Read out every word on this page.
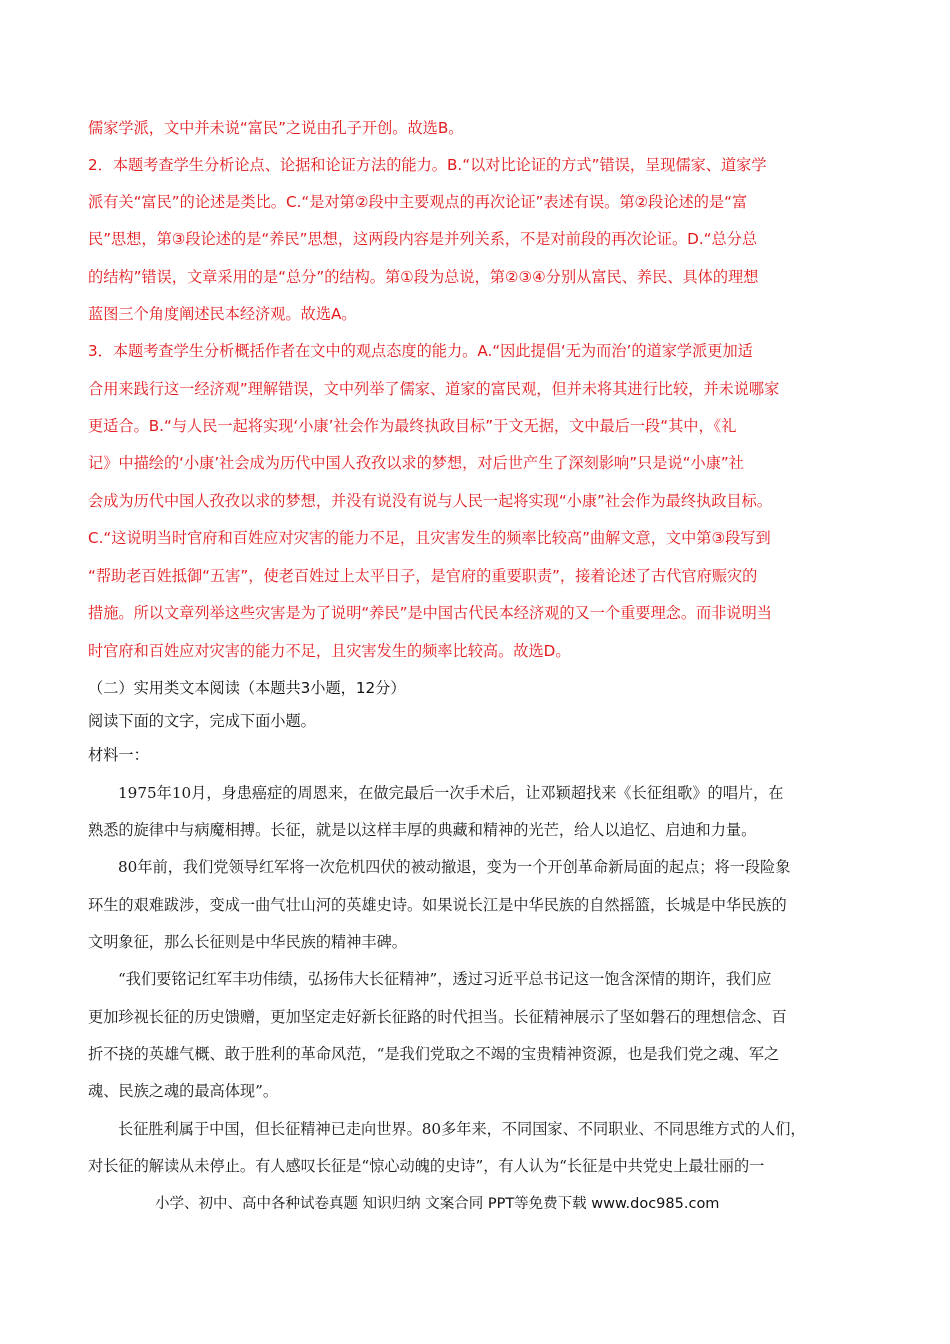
儒家学派，文中并未说“富民”之说由孔子开创。故选B。
2．本题考查学生分析论点、论据和论证方法的能力。B.“以对比论证的方式”错误，呈现儒家、道家学
派有关“富民”的论述是类比。C.“是对第②段中主要观点的再次论证”表述有误。第②段论述的是“富
民”思想，第③段论述的是“养民”思想，这两段内容是并列关系，不是对前段的再次论证。D.“总分总
的结构”错误，文章采用的是“总分”的结构。第①段为总说，第②③④分别从富民、养民、具体的理想
蓝图三个角度阐述民本经济观。故选A。
3．本题考查学生分析概括作者在文中的观点态度的能力。A.“因此提倡‘无为而治’的道家学派更加适
合用来践行这一经济观”理解错误，文中列举了儒家、道家的富民观，但并未将其进行比较，并未说哪家
更适合。B.“与人民一起将实现‘小康’社会作为最终执政目标”于文无据，文中最后一段“其中，《礼
记》中描绘的‘小康’社会成为历代中国人孜孜以求的梦想，对后世产生了深刻影响”只是说“小康”社
会成为历代中国人孜孜以求的梦想，并没有说没有说与人民一起将实现“小康”社会作为最终执政目标。
C.“这说明当时官府和百姓应对灾害的能力不足，且灾害发生的频率比较高”曲解文意，文中第③段写到
“帮助老百姓抵御“五害”，使老百姓过上太平日子，是官府的重要职责”，接着论述了古代官府赈灾的
措施。所以文章列举这些灾害是为了说明“养民”是中国古代民本经济观的又一个重要理念。而非说明当
时官府和百姓应对灾害的能力不足，且灾害发生的频率比较高。故选D。
（二）实用类文本阅读（本题共3小题，12分）
阅读下面的文字，完成下面小题。
材料一：
1975年10月，身患癌症的周恩来，在做完最后一次手术后，让邓颖超找来《长征组歌》的唱片，在
熟悉的旋律中与病魔相搏。长征，就是以这样丰厚的典藏和精神的光芒，给人以追忆、启迪和力量。
80年前，我们党领导红军将一次危机四伏的被动撤退，变为一个开创革命新局面的起点；将一段险象
环生的艰难跋涉，变成一曲气壮山河的英雄史诗。如果说长江是中华民族的自然摇篮，长城是中华民族的
文明象征，那么长征则是中华民族的精神丰碑。
“我们要铭记红军丰功伟绩，弘扬伟大长征精神”，透过习近平总书记这一饱含深情的期许，我们应
更加珍视长征的历史馈赠，更加坚定走好新长征路的时代担当。长征精神展示了坚如磐石的理想信念、百
折不挠的英雄气概、敢于胜利的革命风范，“是我们党取之不竭的宝贵精神资源，也是我们党之魂、军之
魂、民族之魂的最高体现”。
长征胜利属于中国，但长征精神已走向世界。80多年来，不同国家、不同职业、不同思维方式的人们，
对长征的解读从未停止。有人感叹长征是“惊心动魄的史诗”，有人认为“长征是中共党史上最壮丽的一
小学、初中、高中各种试卷真题 知识归纳 文案合同 PPT等免费下载 www.doc985.com
